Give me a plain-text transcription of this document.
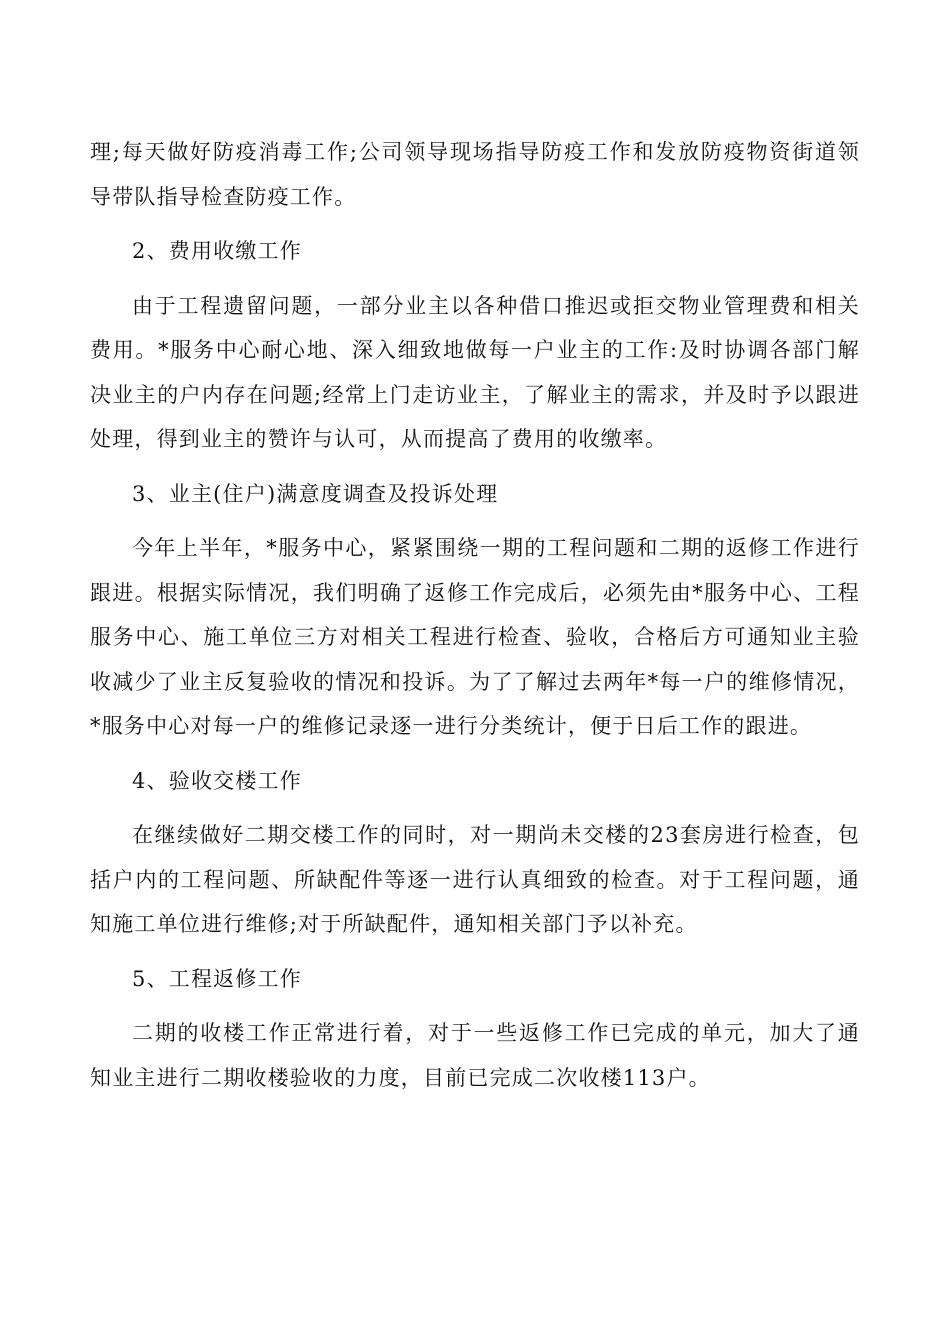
理;每天做好防疫消毒工作;公司领导现场指导防疫工作和发放防疫物资街道领导带队指导检查防疫工作。

2、费用收缴工作

由于工程遗留问题，一部分业主以各种借口推迟或拒交物业管理费和相关费用。*服务中心耐心地、深入细致地做每一户业主的工作:及时协调各部门解决业主的户内存在问题;经常上门走访业主，了解业主的需求，并及时予以跟进处理，得到业主的赞许与认可，从而提高了费用的收缴率。

3、业主(住户)满意度调查及投诉处理

今年上半年，*服务中心，紧紧围绕一期的工程问题和二期的返修工作进行跟进。根据实际情况，我们明确了返修工作完成后，必须先由*服务中心、工程服务中心、施工单位三方对相关工程进行检查、验收，合格后方可通知业主验收减少了业主反复验收的情况和投诉。为了了解过去两年*每一户的维修情况，*服务中心对每一户的维修记录逐一进行分类统计，便于日后工作的跟进。

4、验收交楼工作

在继续做好二期交楼工作的同时，对一期尚未交楼的23套房进行检查，包括户内的工程问题、所缺配件等逐一进行认真细致的检查。对于工程问题，通知施工单位进行维修;对于所缺配件，通知相关部门予以补充。

5、工程返修工作

二期的收楼工作正常进行着，对于一些返修工作已完成的单元，加大了通知业主进行二期收楼验收的力度，目前已完成二次收楼113户。
